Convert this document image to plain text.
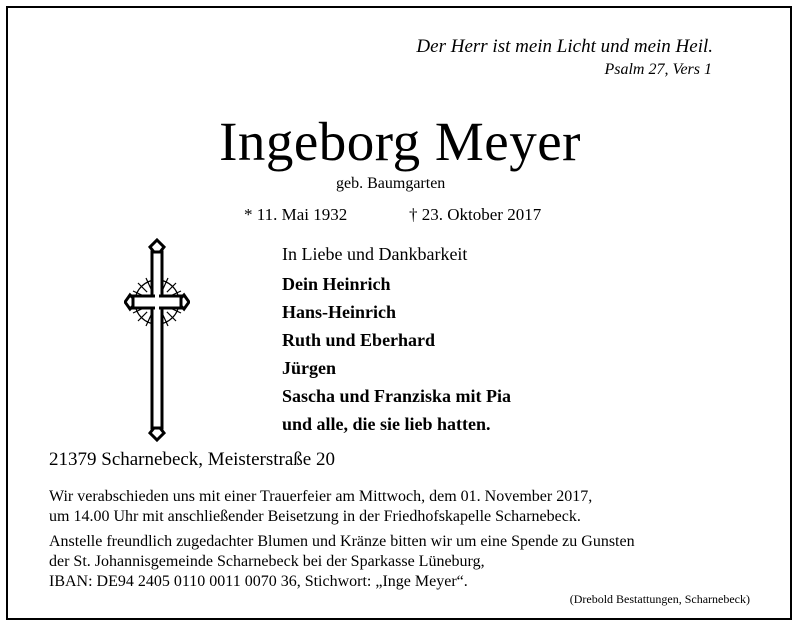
Der Herr ist mein Licht und mein Heil.
Psalm 27, Vers 1
Ingeborg Meyer
geb. Baumgarten
* 11. Mai 1932	† 23. Oktober 2017
In Liebe und Dankbarkeit
Dein Heinrich
Hans-Heinrich
Ruth und Eberhard
Jürgen
Sascha und Franziska mit Pia
und alle, die sie lieb hatten.
21379 Scharnebeck, Meisterstraße 20
Wir verabschieden uns mit einer Trauerfeier am Mittwoch, dem 01. November 2017,
um 14.00 Uhr mit anschließender Beisetzung in der Friedhofskapelle Scharnebeck.
Anstelle freundlich zugedachter Blumen und Kränze bitten wir um eine Spende zu Gunsten
der St. Johannisgemeinde Scharnebeck bei der Sparkasse Lüneburg,
IBAN: DE94 2405 0110 0011 0070 36, Stichwort: „Inge Meyer“.
(Drebold Bestattungen, Scharnebeck)
